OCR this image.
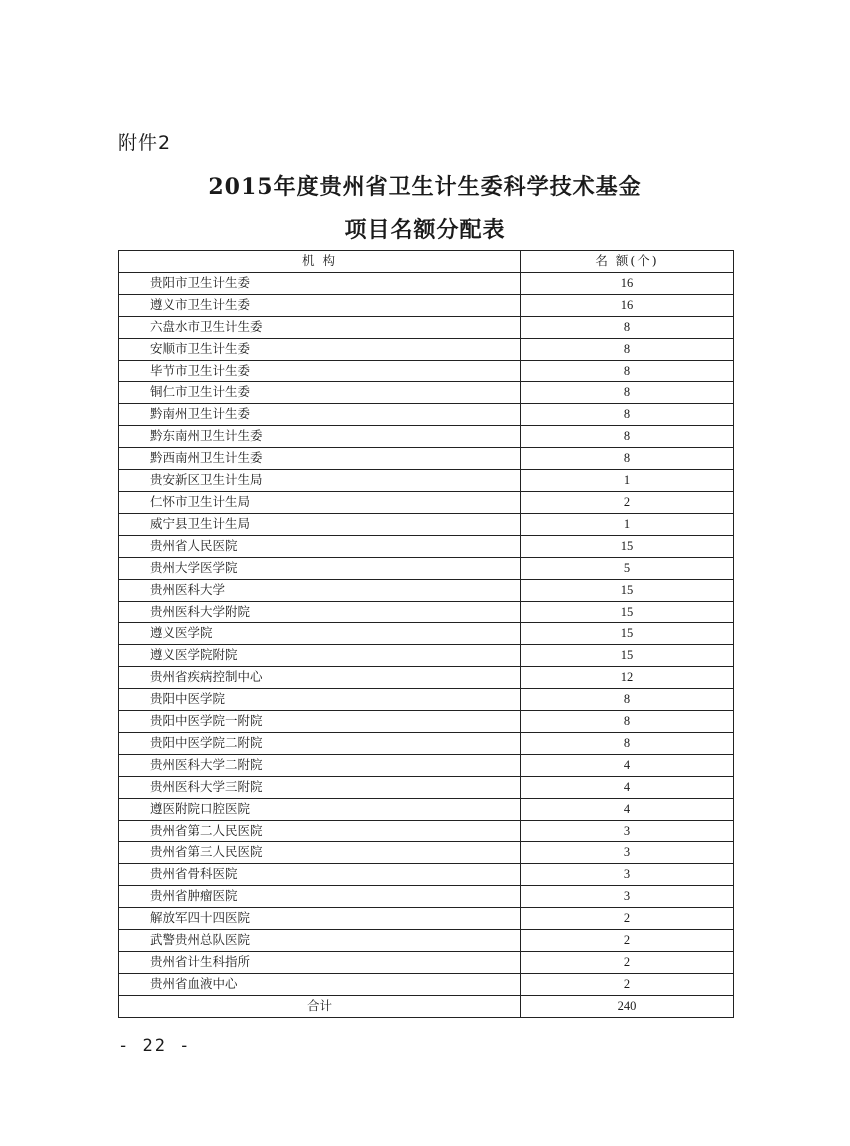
附件2
2015年度贵州省卫生计生委科学技术基金
项目名额分配表
机 构	名 额(个)
贵阳市卫生计生委	16
遵义市卫生计生委	16
六盘水市卫生计生委	8
安顺市卫生计生委	8
毕节市卫生计生委	8
铜仁市卫生计生委	8
黔南州卫生计生委	8
黔东南州卫生计生委	8
黔西南州卫生计生委	8
贵安新区卫生计生局	1
仁怀市卫生计生局	2
威宁县卫生计生局	1
贵州省人民医院	15
贵州大学医学院	5
贵州医科大学	15
贵州医科大学附院	15
遵义医学院	15
遵义医学院附院	15
贵州省疾病控制中心	12
贵阳中医学院	8
贵阳中医学院一附院	8
贵阳中医学院二附院	8
贵州医科大学二附院	4
贵州医科大学三附院	4
遵医附院口腔医院	4
贵州省第二人民医院	3
贵州省第三人民医院	3
贵州省骨科医院	3
贵州省肿瘤医院	3
解放军四十四医院	2
武警贵州总队医院	2
贵州省计生科指所	2
贵州省血液中心	2
合计	240
- 22 -
